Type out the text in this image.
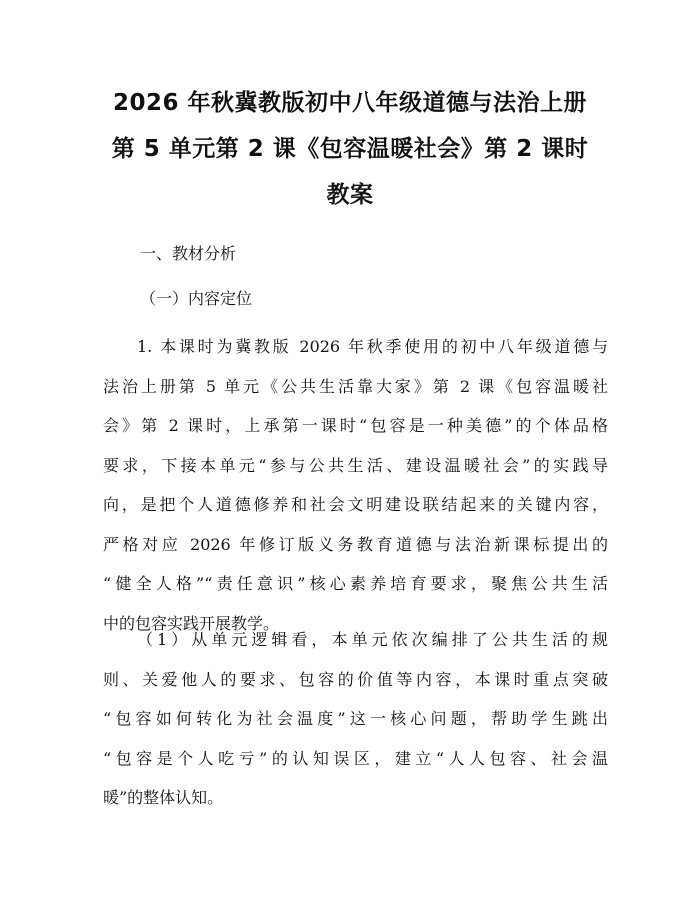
2026 年秋冀教版初中八年级道德与法治上册
第 5 单元第 2 课《包容温暖社会》第 2 课时
教案
一、教材分析
（一）内容定位
1. 本课时为冀教版 2026 年秋季使用的初中八年级道德与
法治上册第 5 单元《公共生活靠大家》第 2 课《包容温暖社
会》第 2 课时，上承第一课时“包容是一种美德”的个体品格
要求，下接本单元“参与公共生活、建设温暖社会”的实践导
向，是把个人道德修养和社会文明建设联结起来的关键内容，
严格对应 2026 年修订版义务教育道德与法治新课标提出的
“健全人格”“责任意识”核心素养培育要求，聚焦公共生活
中的包容实践开展教学。
（1）从单元逻辑看，本单元依次编排了公共生活的规
则、关爱他人的要求、包容的价值等内容，本课时重点突破
“包容如何转化为社会温度”这一核心问题，帮助学生跳出
“包容是个人吃亏”的认知误区，建立“人人包容、社会温
暖”的整体认知。
